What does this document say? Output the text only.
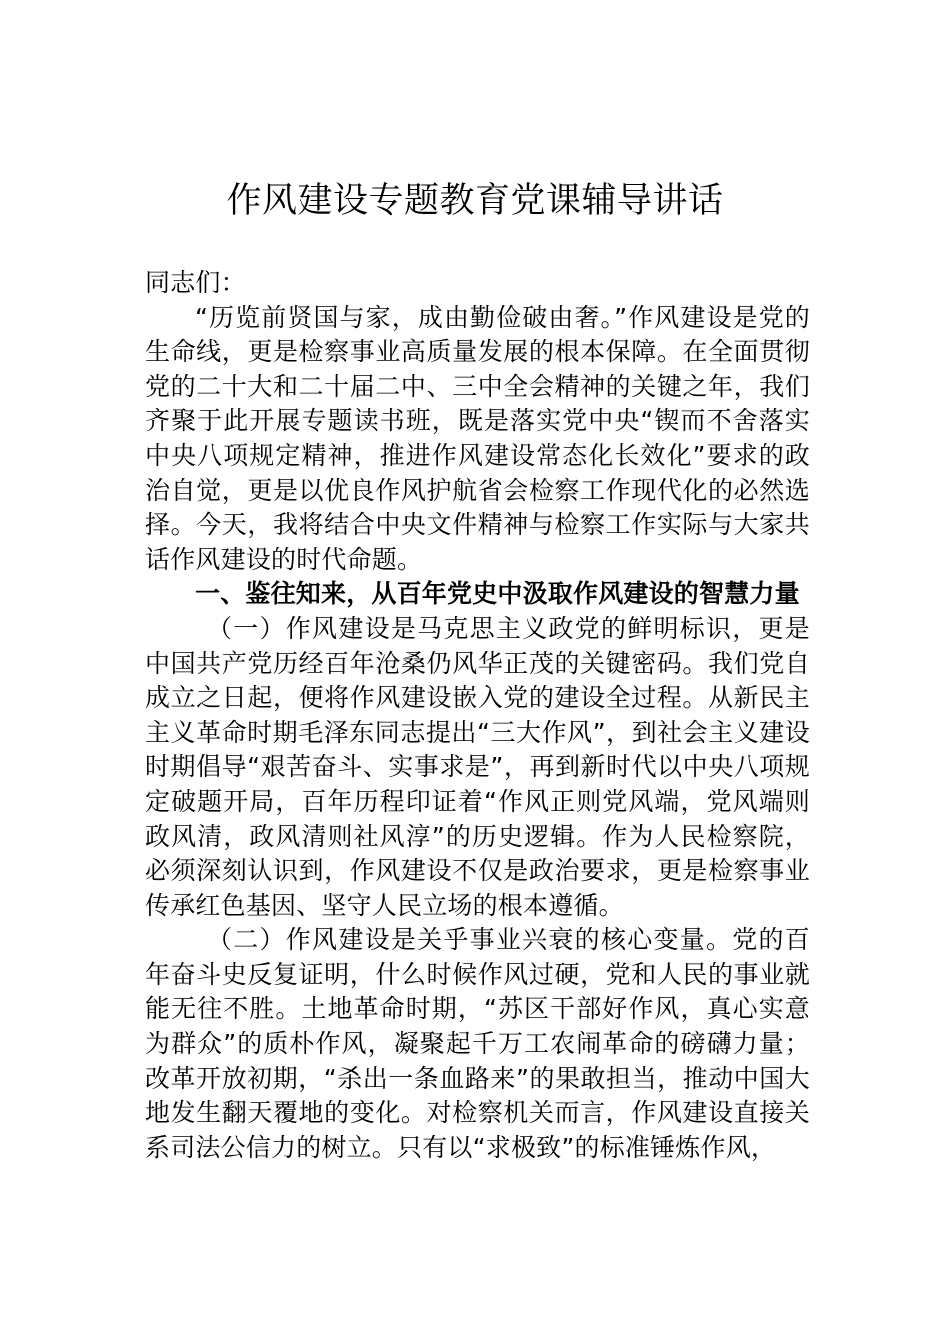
作风建设专题教育党课辅导讲话

同志们：

“历览前贤国与家，成由勤俭破由奢。”作风建设是党的生命线，更是检察事业高质量发展的根本保障。在全面贯彻党的二十大和二十届二中、三中全会精神的关键之年，我们齐聚于此开展专题读书班，既是落实党中央“锲而不舍落实中央八项规定精神，推进作风建设常态化长效化”要求的政治自觉，更是以优良作风护航省会检察工作现代化的必然选择。今天，我将结合中央文件精神与检察工作实际与大家共话作风建设的时代命题。

一、鉴往知来，从百年党史中汲取作风建设的智慧力量

（一）作风建设是马克思主义政党的鲜明标识，更是中国共产党历经百年沧桑仍风华正茂的关键密码。我们党自成立之日起，便将作风建设嵌入党的建设全过程。从新民主主义革命时期毛泽东同志提出“三大作风”，到社会主义建设时期倡导“艰苦奋斗、实事求是”，再到新时代以中央八项规定破题开局，百年历程印证着“作风正则党风端，党风端则政风清，政风清则社风淳”的历史逻辑。作为人民检察院，必须深刻认识到，作风建设不仅是政治要求，更是检察事业传承红色基因、坚守人民立场的根本遵循。

（二）作风建设是关乎事业兴衰的核心变量。党的百年奋斗史反复证明，什么时候作风过硬，党和人民的事业就能无往不胜。土地革命时期，“苏区干部好作风，真心实意为群众”的质朴作风，凝聚起千万工农闹革命的磅礴力量；改革开放初期，“杀出一条血路来”的果敢担当，推动中国大地发生翻天覆地的变化。对检察机关而言，作风建设直接关系司法公信力的树立。只有以“求极致”的标准锤炼作风，
